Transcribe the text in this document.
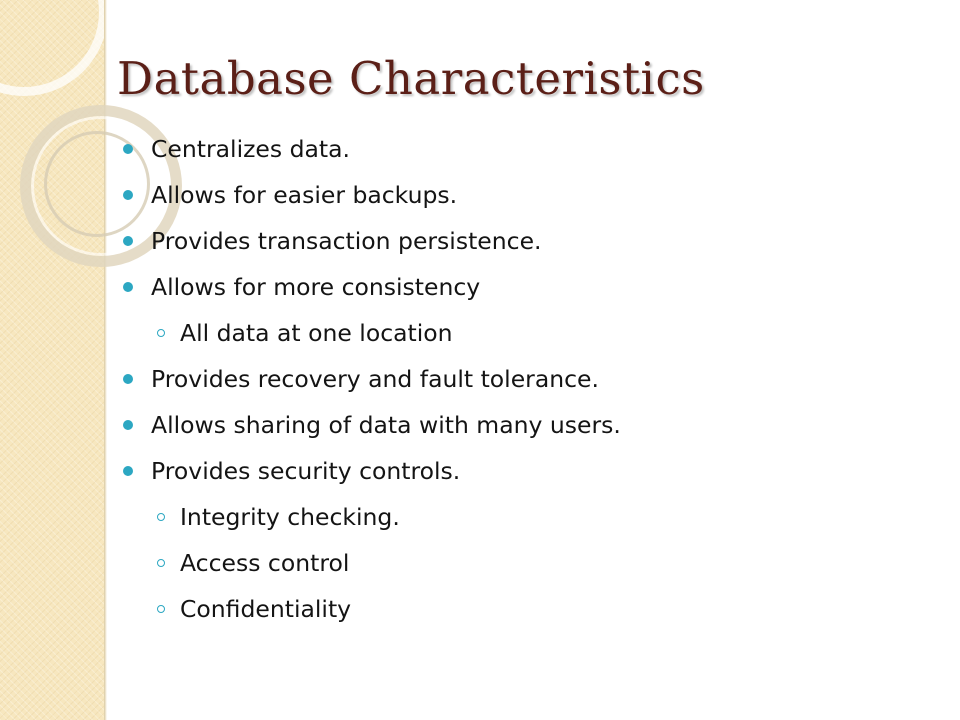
Database Characteristics
Centralizes data.
Allows for easier backups.
Provides transaction persistence.
Allows for more consistency
All data at one location
Provides recovery and fault tolerance.
Allows sharing of data with many users.
Provides security controls.
Integrity checking.
Access control
Confidentiality
